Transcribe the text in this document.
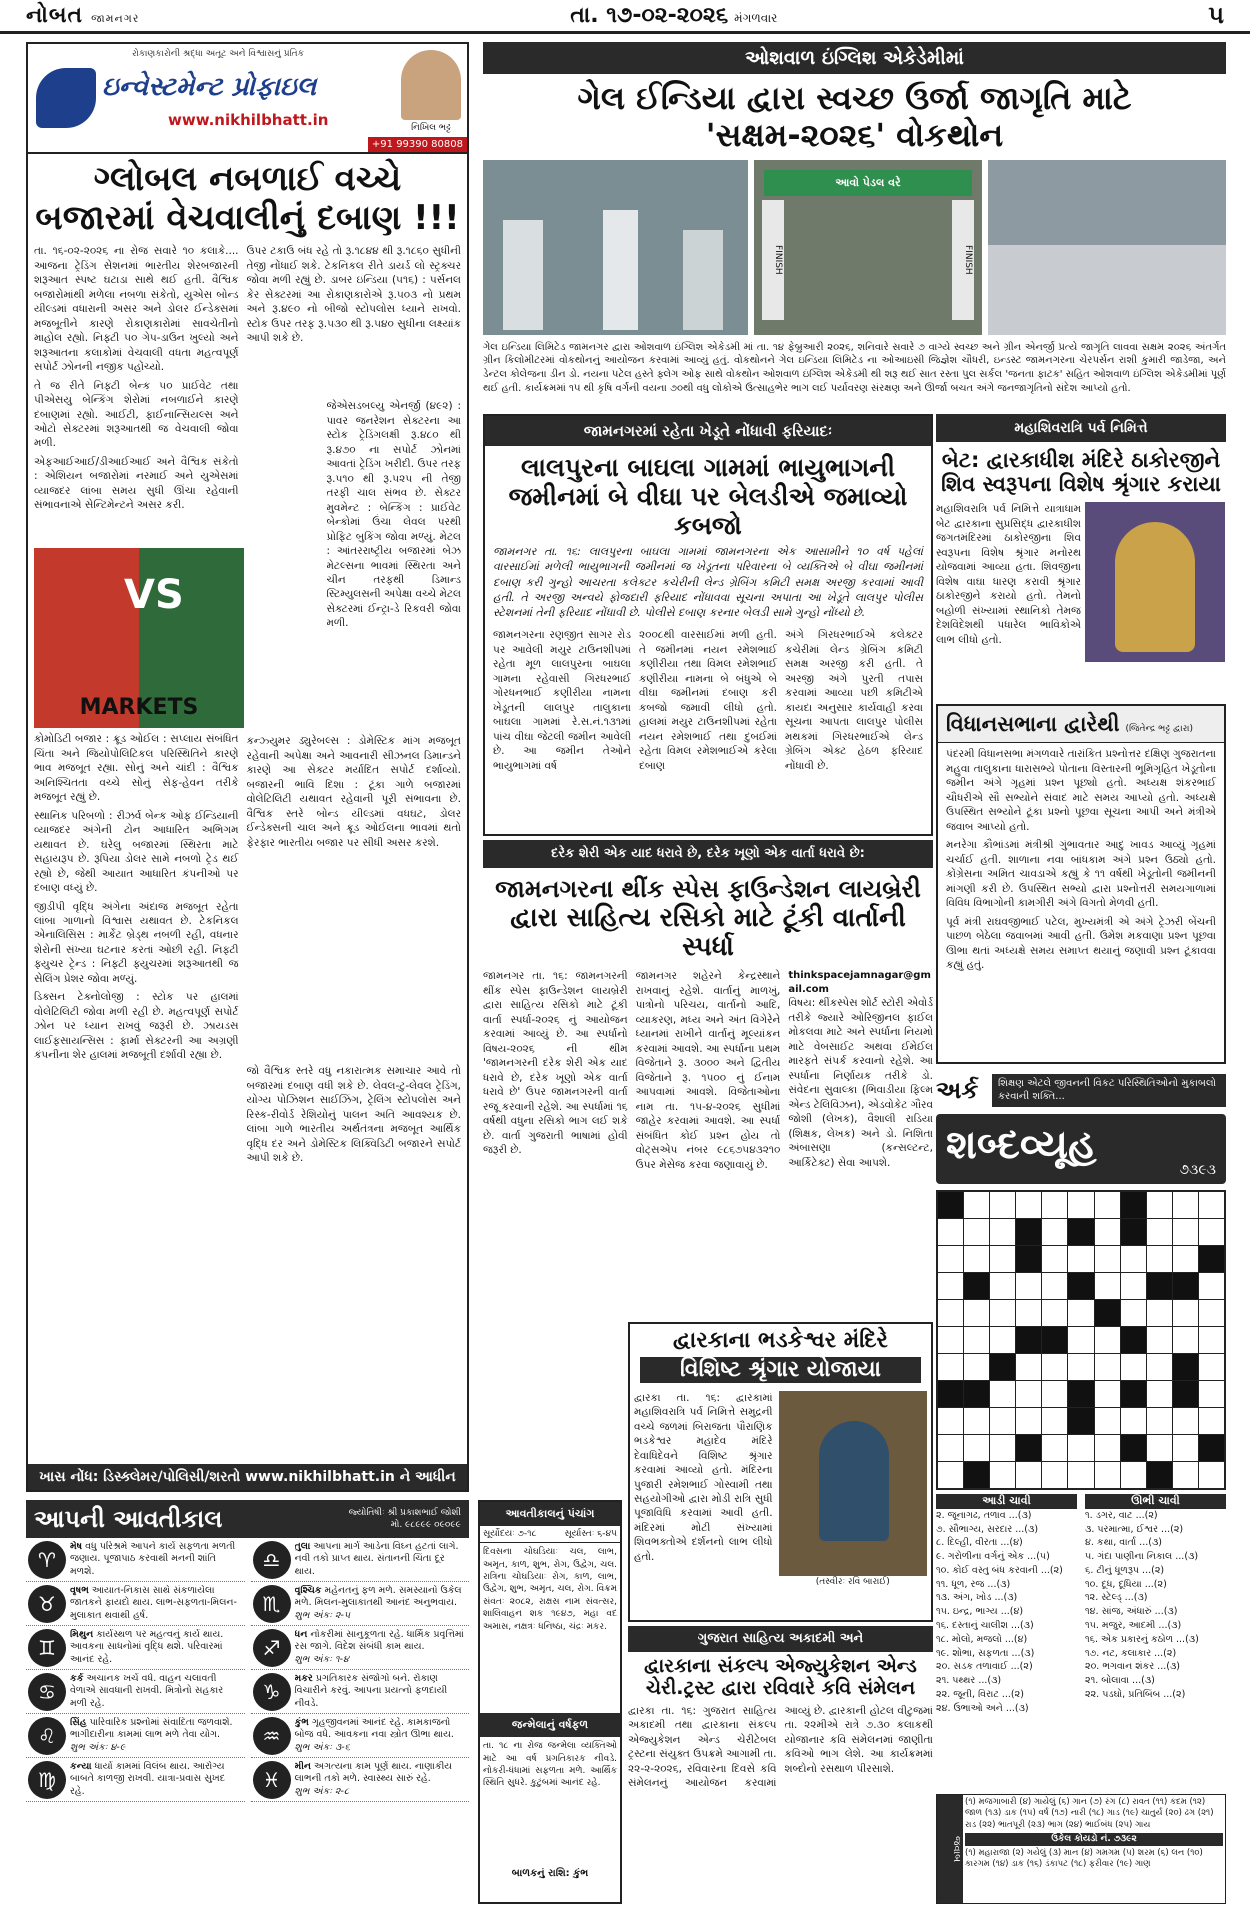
નોબત જામનગર	તા. ૧૭-૦૨-૨૦૨૬ મંગળવાર	૫
રોકાણકારોની શ્રદ્ધા અતૂટ અને વિશ્વાસનું પ્રતિક
ઇન્વેસ્ટમેન્ટ પ્રોફાઇલ
www.nikhilbhatt.in	નિખિલ ભટ્ટ
+91 99390 80808
ગ્લોબલ નબળાઈ વચ્ચે
બજારમાં વેચવાલીનું દબાણ !!!

તા. ૧૬-૦૨-૨૦૨૬ ના રોજ સવારે ૧૦ કલાકે.... આજના ટ્રેડિંગ સેશનમાં ભારતીય શેરબજારની શરૂઆત સ્પષ્ટ ઘટાડા સાથે થઈ હતી. વૈશ્વિક બજારોમાંથી મળેલા નબળા સંકેતો, યુએસ બોન્ડ યીલ્ડમાં વધારાની અસર અને ડોલર ઈન્ડેક્સમાં મજબૂતીને કારણે રોકાણકારોમાં સાવચેતીનો માહોલ રહ્યો. નિફ્ટી ૫૦ ગેપ-ડાઉન ખુલ્યો અને શરૂઆતના કલાકોમાં વેચવાલી વધતા મહત્વપૂર્ણ સપોર્ટ ઝોનની નજીક પહોંચ્યો.

તે જ રીતે નિફ્ટી બેન્ક ૫૦ પ્રાઈવેટ તથા પીએસયુ બેન્કિંગ શેરોમાં નબળાઈને કારણે દબાણમાં રહ્યો. આઈટી, ફાઈનાન્સિયલ્સ અને ઓટો સેક્ટરમાં શરૂઆતથી જ વેચવાલી જોવા મળી.

એફઆઈઆઈ/ડીઆઈઆઈ અને વૈશ્વિક સંકેતો : એશિયન બજારોમાં નરમાઈ અને યુએસમાં વ્યાજદર લાંબા સમય સુધી ઊંચા રહેવાની સંભાવનાએ સેન્ટિમેન્ટને અસર કરી.

VS
MARKETS

કોમોડિટી બજાર : ક્રૂડ ઓઈલ : સપ્લાય સંબંધિત ચિંતા અને જિયોપોલિટિકલ પરિસ્થિતિને કારણે ભાવ મજબૂત રહ્યા. સોનું અને ચાંદી : વૈશ્વિક અનિશ્ચિતતા વચ્ચે સોનું સેફ-હેવન તરીકે મજબૂત રહ્યું છે.

સ્થાનિક પરિબળો : રીઝર્વ બેન્ક ઓફ ઈન્ડિયાની વ્યાજદર અંગેની ટોન આધારિત અભિગમ યથાવત છે. ઘરેલુ બજારમાં સ્થિરતા માટે સહાયરૂપ છે. રૂપિયા ડોલર સામે નબળો ટ્રેડ થઈ રહ્યો છે, જેથી આયાત આધારિત કંપનીઓ પર દબાણ વધ્યું છે.

જીડીપી વૃદ્ધિ અંગેના અંદાજ મજબૂત રહેતા લાંબા ગાળાનો વિશ્વાસ યથાવત છે. ટેકનિકલ એનાલિસિસ : માર્કેટ બ્રેડ્થ નબળી રહી, વધનાર શેરોની સંખ્યા ઘટનાર કરતાં ઓછી રહી. નિફ્ટી ફ્યુચર ટ્રેન્ડ : નિફ્ટી ફ્યુચરમાં શરૂઆતથી જ સેલિંગ પ્રેશર જોવા મળ્યું.

ડિક્સન ટેક્નોલોજી : સ્ટોક પર હાલમાં વોલેટિલિટી જોવા મળી રહી છે. મહત્વપૂર્ણ સપોર્ટ ઝોન પર ધ્યાન રાખવું જરૂરી છે. ઝાયડસ લાઈફસાયન્સિસ : ફાર્મા સેક્ટરની આ અગ્રણી કંપનીના શેર હાલમાં મજબૂતી દર્શાવી રહ્યા છે.

ઉપર ટકાઉ બંધ રહે તો રૂ.૧૮૪૪ થી રૂ.૧૮૬૦ સુધીની તેજી નોંધાઈ શકે. ટેકનિકલ રીતે ડાયર્ડ લો સ્ટ્રક્ચર જોવા મળી રહ્યું છે. ડાબર ઇન્ડિયા (૫૧૬) : પર્સનલ કેર સેક્ટરમાં આ રોકાણકારોએ રૂ.૫૦૩ નો પ્રથમ અને રૂ.૪૯૦ નો બીજો સ્ટોપલોસ ધ્યાને રાખવો. સ્ટોક ઉપર તરફ રૂ.૫૩૦ થી રૂ.૫૪૦ સુધીના લક્ષ્યાંક આપી શકે છે.
જેએસડબલ્યુ એનર્જી (૪૯૨) : પાવર જનરેશન સેક્ટરના આ સ્ટોક ટ્રેડિંગલક્ષી રૂ.૪૮૦ થી રૂ.૪૭૦ ના સપોર્ટ ઝોનમાં આવતાં ટ્રેડિંગ ખરીદી. ઉપર તરફ રૂ.૫૧૦ થી રૂ.૫૨૫ ની તેજી તરફી ચાલ સંભવ છે. સેક્ટર મુવમેન્ટ : બેન્કિંગ : પ્રાઈવેટ બેન્કોમાં ઉંચા લેવલ પરથી પ્રોફિટ બુકિંગ જોવા મળ્યું. મેટલ : આંતરરાષ્ટ્રીય બજારમાં બેઝ મેટલ્સના ભાવમાં સ્થિરતા અને ચીન તરફથી ડિમાન્ડ સ્ટિમ્યુલસની અપેક્ષા વચ્ચે મેટલ સેક્ટરમાં ઈન્ટ્રા-ડે રિકવરી જોવા મળી.
કન્ઝ્યુમર ડ્યુરેબલ્સ : ડોમેસ્ટિક માંગ મજબૂત રહેવાની અપેક્ષા અને આવનારી સીઝનલ ડિમાન્ડને કારણે આ સેક્ટર મર્યાદિત સપોર્ટ દર્શાવ્યો. બજારની ભાવિ દિશા : ટૂંકા ગાળે બજારમાં વોલેટિલિટી યથાવત રહેવાની પૂરી સંભાવના છે. વૈશ્વિક સ્તરે બોન્ડ યીલ્ડમાં વધઘટ, ડોલર ઈન્ડેક્સની ચાલ અને ક્રૂડ ઓઈલના ભાવમાં થતો ફેરફાર ભારતીય બજાર પર સીધી અસર કરશે.
જો વૈશ્વિક સ્તરે વધુ નકારાત્મક સમાચાર આવે તો બજારમાં દબાણ વધી શકે છે. લેવલ-ટુ-લેવલ ટ્રેડિંગ, યોગ્ય પોઝિશન સાઈઝિંગ, ટ્રેલિંગ સ્ટોપલોસ અને રિસ્ક-રીવોર્ડ રેશિયોનું પાલન અતિ આવશ્યક છે. લાંબા ગાળે ભારતીય અર્થતંત્રના મજબૂત આર્થિક વૃદ્ધિ દર અને ડોમેસ્ટિક લિક્વિડિટી બજારને સપોર્ટ આપી શકે છે.
ખાસ નોંધ: ડિસ્ક્લેમર/પોલિસી/શરતો www.nikhilbhatt.in ને આધીન
ઓશવાળ ઇંગ્લિશ એકેડેમીમાં
ગેલ ઈન્ડિયા દ્વારા સ્વચ્છ ઉર્જા જાગૃતિ માટે 'સક્ષમ-૨૦૨૬' વોકથોન
આવો પેડલ વરે
FINISH	FINISH
ગેલ ઇન્ડિયા લિમિટેડ જામનગર દ્વારા ઓશવાળ ઇંગ્લિશ એકેડમી માં તા. ૧૪ ફેબ્રુઆરી ૨૦૨૬, શનિવારે સવારે ૭ વાગ્યે સ્વચ્છ અને ગ્રીન એનર્જી પ્રત્યે જાગૃતિ લાવવા સક્ષમ ૨૦૨૬ અંતર્ગત ગ્રીન કિલોમીટરમાં વોકથોનનું આયોજન કરવામાં આવ્યું હતું. વોકથોનને ગેલ ઇન્ડિયા લિમિટેડ ના ઓઆઇસી જિજ્ઞેશ ચૌધરી, ઇન્ડસ્ટ જામનગરના ચેરપર્સન રાશી કુમારી જાડેજા, અને ડેન્ટલ કોલેજના ડીન ડો. નયના પટેલ હસ્તે ફ્લેગ ઓફ સાથે વોકથોન ઓશવાળ ઇંગ્લિશ એકેડમી થી શરૂ થઈ સાત રસ્તા પુલ સર્કલ 'જનતા ફાટક' સહિત ઓશવાળ ઇંગ્લિશ એકેડમીમાં પૂર્ણ થઈ હતી. કાર્યક્રમમાં ૧૫ થી કૃષિ વર્ગની વયના ૭૦થી વધુ લોકોએ ઉત્સાહભેર ભાગ લઈ પર્યાવરણ સંરક્ષણ અને ઊર્જા બચત અંગે જનજાગૃતિનો સંદેશ આપ્યો હતો.
જામનગરમાં રહેતા ખેડૂતે નોંધાવી ફરિયાદઃ
લાલપુરના બાઘલા ગામમાં ભાયુભાગની
જમીનમાં બે વીઘા પર બેલડીએ જમાવ્યો કબજો
જામનગર તા. ૧૬: લાલપુરના બાઘલા ગામમાં જામનગરના એક આસામીને ૧૦ વર્ષ પહેલાં વારસાઈમાં મળેલી ભાયુભાગની જમીનમાં જ ખેડૂતના પરિવારના બે વ્યક્તિએ બે વીઘા જમીનમાં દબાણ કરી ગુન્હો આચરતા કલેક્ટર કચેરીની લેન્ડ ગ્રેબિંગ કમિટી સમક્ષ અરજી કરવામાં આવી હતી. તે અરજી અન્વયે ફોજદારી ફરિયાદ નોંધાવવા સૂચના અપાતા આ ખેડૂતે લાલપુર પોલીસ સ્ટેશનમાં તેની ફરિયાદ નોંધાવી છે. પોલીસે દબાણ કરનાર બેલડી સામે ગુન્હો નોંધ્યો છે.
જામનગરના રણજીત સાગર રોડ પર આવેલી મયુર ટાઉનશીપમાં રહેતા મૂળ લાલપુરના બાઘલા ગામના રહેવાસી ગિરધરભાઈ ગોરધનભાઈ કણીરીયા નામના ખેડૂતની લાલપુર તાલુકાના બાઘલા ગામમાં રે.સ.નં.૧૩૧માં પાંચ વીઘા જેટલી જમીન આવેલી છે. આ જમીન તેઓને ભાયુભાગમાં વર્ષ
૨૦૦૮થી વારસાઈમાં મળી હતી. તે જમીનમાં નયન રમેશભાઈ કણીરીયા તથા વિમલ રમેશભાઈ કણીરીયા નામના બે બંધુએ બે વીઘા જમીનમાં દબાણ કરી કબજો જમાવી લીધો હતો. હાલમાં મયુર ટાઉનશીપમાં રહેતા નયન રમેશભાઈ તથા દુબઈમાં રહેતા વિમલ રમેશભાઈએ કરેલા દબાણ
અંગે ગિરધરભાઈએ કલેક્ટર કચેરીમાં લેન્ડ ગ્રેબિંગ કમિટી સમક્ષ અરજી કરી હતી. તે અરજી અંગે પુરતી તપાસ કરવામાં આવ્યા પછી કમિટીએ કાયદા અનુસાર કાર્યવાહી કરવા સૂચના આપતા લાલપુર પોલીસ મથકમાં ગિરધરભાઈએ લેન્ડ ગ્રેબિંગ એક્ટ હેઠળ ફરિયાદ નોંધાવી છે.
મહાશિવરાત્રિ પર્વ નિમિત્તે
બેટ: દ્વારકાધીશ મંદિરે ઠાકોરજીને શિવ સ્વરૂપના વિશેષ શ્રૃંગાર કરાયા
મહાશિવરાત્રિ પર્વ નિમિત્તે યાત્રાધામ બેટ દ્વારકાના સુપ્રસિદ્ધ દ્વારકાધીશ જગતમંદિરમાં ઠાકોરજીના શિવ સ્વરૂપના વિશેષ શ્રૃંગાર મનોરથ યોજવામાં આવ્યા હતા. શિવજીના વિશેષ વાઘા ધારણ કરાવી શ્રૃંગાર ઠાકોરજીને કરાયો હતો. તેમનો બહોળી સંખ્યામાં સ્થાનિકો તેમજ દેશવિદેશથી પધારેલ ભાવિકોએ લાભ લીધો હતો.
વિધાનસભાના દ્વારેથી (જિતેન્દ્ર ભટ્ટ દ્વારા)

પંદરમી વિધાનસભા મંગળવારે તારાંકિત પ્રશ્નોત્તર દક્ષિણ ગુજરાતના મહુવા તાલુકાના ધારાસભ્યે પોતાના વિસ્તારની ભૂમિગૃહિત ખેડૂતોના જમીન અંગે ગૃહમાં પ્રશ્ન પૂછ્યો હતો. અધ્યક્ષ શંકરભાઈ ચૌધરીએ સૌ સભ્યોને સંવાદ માટે સમય આપ્યો હતો. અધ્યક્ષે ઉપસ્થિત સભ્યોને ટૂંકા પ્રશ્નો પૂછવા સૂચના આપી અને મંત્રીએ જવાબ આપ્યો હતો.

મનરેગા કૌભાંડમાં મંત્રીશ્રી ગુંભાવતાર આદુ ખાવડ આવ્યું ગૃહમાં ચર્ચાઈ હતી. શાળાના નવા બાંધકામ અંગે પ્રશ્ન ઉઠ્યો હતો. કોંગ્રેસના અમિત ચાવડાએ કહ્યું કે ૧૧ વર્ષથી ખેડૂતોની જમીનની માંગણી કરી છે. ઉપસ્થિત સભ્યો દ્વારા પ્રશ્નોત્તરી સમયગાળામાં વિવિધ વિભાગોની કામગીરી અંગે વિગતો મેળવી હતી.

પૂર્વ મંત્રી રાઘવજીભાઈ પટેલ, મુખ્યમંત્રી એ અંગે ટ્રેઝરી બેંચની પાછળ બેઠેલા જવાબમાં આવી હતી. ઉમેશ મકવાણા પ્રશ્ન પૂછવા ઊભા થતાં અધ્યક્ષે સમય સમાપ્ત થયાનું જણાવી પ્રશ્ન ટૂંકાવવા કહ્યું હતું.

અર્ક	શિક્ષણ એટલે જીવનની વિકટ પરિસ્થિતિઓનો મુકાબલો કરવાની શક્તિ...
દરેક શેરી એક યાદ ધરાવે છે, દરેક ખૂણો એક વાર્તા ધરાવે છે:
જામનગરના થીંક સ્પેસ ફાઉન્ડેશન લાયબ્રેરી
દ્વારા સાહિત્ય રસિકો માટે ટૂંકી વાર્તાની સ્પર્ધા
જામનગર તા. ૧૬: જામનગરની થીંક સ્પેસ ફાઉન્ડેશન લાયબ્રેરી દ્વારા સાહિત્ય રસિકો માટે ટૂંકી વાર્તા સ્પર્ધા-૨૦૨૬ નું આયોજન કરવામાં આવ્યું છે. આ સ્પર્ધાનો વિષય-૨૦૨૬ ની થીમ 'જામનગરની દરેક શેરી એક યાદ ધરાવે છે, દરેક ખૂણો એક વાર્તા ધરાવે છે' ઉપર જામનગરની વાર્તા રજૂ કરવાની રહેશે. આ સ્પર્ધામાં ૧૬ વર્ષથી વધુના રસિકો ભાગ લઈ શકે છે. વાર્તા ગુજરાતી ભાષામાં હોવી જરૂરી છે.
જામનગર શહેરને કેન્દ્રસ્થાને રાખવાનું રહેશે. વાર્તાનું માળખું, પાત્રોનો પરિચય, વાર્તાનો આદિ, વ્યાકરણ, મધ્ય અને અંત વિગેરેને ધ્યાનમાં રાખીને વાર્તાનું મૂલ્યાંકન કરવામાં આવશે. આ સ્પર્ધાના પ્રથમ વિજેતાને રૂ. ૩૦૦૦ અને દ્વિતીય વિજેતાને રૂ. ૧૫૦૦ નું ઈનામ આપવામાં આવશે. વિજેતાઓના નામ તા. ૧૫-૪-૨૦૨૬ સુધીમાં જાહેર કરવામાં આવશે. આ સ્પર્ધા સંબંધિત કોઈ પ્રશ્ન હોય તો વોટ્સએપ નંબર ૯૮૬૭૫૪૩૨૧૦ ઉપર મેસેજ કરવા જણાવાયું છે.
thinkspacejamnagar@gmail.com
વિષય: થીંકસ્પેસ શોર્ટ સ્ટોરી એવોર્ડ તરીકે જ્યારે ઓરિજીનલ ફાઈલ મોકલવા માટે અને સ્પર્ધાના નિયમો માટે વેબસાઈટ અથવા ઈમેઈલ મારફતે સંપર્ક કરવાનો રહેશે. આ સ્પર્ધાના નિર્ણાયક તરીકે ડો. સંવેદના સુવાલ્કા (ભિવાડીયા ફિલ્મ એન્ડ ટેલિવિઝન), એડવોકેટ ગૌરવ જોશી (લેખક), વૈશાલી રાડિયા (શિક્ષક, લેખક) અને ડો. નિશિતા અંબાસણા (કન્સલ્ટન્ટ, આર્કિટેક્ટ) સેવા આપશે.
દ્વારકાના ભડકેશ્વર મંદિરે
વિશિષ્ટ શ્રૃંગાર યોજાયા
દ્વારકા તા. ૧૬: દ્વારકામાં મહાશિવરાત્રિ પર્વ નિમિત્તે સમુદ્રની વચ્ચે જળમાં બિરાજતા પૌરાણિક ભડકેશ્વર મહાદેવ મંદિરે દેવાધિદેવને વિશિષ્ટ શ્રૃંગાર કરવામાં આવ્યો હતો. મંદિરના પુજારી રમેશભાઈ ગોસ્વામી તથા સહયોગીઓ દ્વારા મોડી રાત્રિ સુધી પૂજાવિધિ કરવામાં આવી હતી. મંદિરમાં મોટી સંખ્યામાં શિવભક્તોએ દર્શનનો લાભ લીધો હતો.
(તસ્વીરઃ રવિ બારાઈ)
ગુજરાત સાહિત્ય અકાદમી અને
દ્વારકાના સંકલ્પ એજ્યુકેશન એન્ડ
ચેરી.ટ્રસ્ટ દ્વારા રવિવારે કવિ સંમેલન
દ્વારકા તા. ૧૬: ગુજરાત સાહિત્ય અકાદમી તથા દ્વારકાના સંકલ્પ એજ્યુકેશન એન્ડ ચેરીટેબલ ટ્રસ્ટના સંયુક્ત ઉપક્રમે આગામી તા. ૨૨-૨-૨૦૨૬, રવિવારના દિવસે કવિ સંમેલનનું આયોજન કરવામાં આવ્યું છે. દ્વારકાની હોટલ વીટુજમાં તા. ૨૨મીએ રાત્રે ૭.૩૦ કલાકથી યોજાનાર કવિ સંમેલનમાં જાણીતા કવિઓ ભાગ લેશે. આ કાર્યક્રમમાં શબ્દોનો રસથાળ પીરસાશે.
આપની આવતીકાલ	જ્યોતિષીઃ શ્રી પ્રકાશભાઈ જોશી
મો. ૯૮૯૯૯ ૦૯૦૯૯
♈
મેષ વધુ પરિશ્રમે આપને કાર્ય સફળતા મળતી જણાય. પૂજાપાઠ કરવાથી મનની શાંતિ મળશે.

♉
વૃષભ આયાત-નિકાસ સાથે સંકળાયેલા જાતકને ફાયદો થાય. લાભ-સફળતા-મિલન-મુલાકાત થવાથી હર્ષ.

♊
મિથુન કાર્યસ્થળ પર મહત્વનું કાર્ય થાય. આવકના સાધનોમાં વૃદ્ધિ થશે. પરિવારમાં આનંદ રહે.

♋
કર્ક અચાનક ખર્ચ વધે. વાહન ચલાવતી વેળાએ સાવધાની રાખવી. મિત્રોનો સહકાર મળી રહે.

♌
સિંહ પારિવારિક પ્રશ્નોમાં સંવાદિતા જળવાશે. ભાગીદારીના કામમાં લાભ મળે તેવા યોગ.
શુભ અંકઃ ૪-૯
♍
કન્યા ધાર્યા કામમાં વિલંબ થાય. આરોગ્ય બાબતે કાળજી રાખવી. યાત્રા-પ્રવાસ સુખદ રહે.

♎
તુલા આપના માર્ગ આડેના વિઘ્ન હટતાં લાગે. નવી તકો પ્રાપ્ત થાય. સંતાનની ચિંતા દૂર થાય.

♏
વૃશ્ચિક મહેનતનું ફળ મળે. સમસ્યાનો ઉકેલ મળે. મિલન-મુલાકાતથી આનંદ અનુભવાય.
શુભ અંકઃ ૨-૫
♐
ધન નોકરીમાં સાનુકૂળતા રહે. ધાર્મિક પ્રવૃત્તિમાં રસ જાગે. વિદેશ સંબંધી કામ થાય.
શુભ અંકઃ ૧-૪
♑
મકર પ્રગતિકારક સંજોગો બને. રોકાણ વિચારીને કરવું. આપના પ્રયત્નો ફળદાયી નીવડે.

♒
કુંભ ગૃહજીવનમાં આનંદ રહે. કામકાજનો બોજ વધે. આવકના નવા સ્ત્રોત ઊભા થાય.
શુભ અંકઃ ૩-૬
♓
મીન અગત્યના કામ પૂર્ણ થાય. નાણાકીય લાભની તકો મળે. સ્વાસ્થ્ય સારું રહે.
શુભ અંકઃ ૨-૮
આવતીકાલનું પંચાંગ
સૂર્યોદયઃ ૭-૧૮	સૂર્યાસ્તઃ ૬-૪૫
દિવસના ચોઘડિયાઃ ચલ, લાભ, અમૃત, કાળ, શુભ, રોગ, ઉદ્વેગ, ચલ. રાત્રિના ચોઘડિયાઃ રોગ, કાળ, લાભ, ઉદ્વેગ, શુભ, અમૃત, ચલ, રોગ. વિક્રમ સંવતઃ ૨૦૮૨, રાક્ષસ નામ સંવત્સર, શાલિવાહન શક ૧૯૪૭, મહા વદ અમાસ, નક્ષત્રઃ ધનિષ્ઠા, ચંદ્રઃ મકર.
જન્મેલાનું વર્ષફળ
તા. ૧૮ ના રોજ જન્મેલા વ્યક્તિઓ માટે આ વર્ષ પ્રગતિકારક નીવડે. નોકરી-ધંધામાં સફળતા મળે. આર્થિક સ્થિતિ સુધરે. કુટુંબમાં આનંદ રહે.
બાળકનું રાશિ: કુંભ
શબ્દવ્યૂહ
૭૩૯૩
આડી ચાવી
૨. જૂનાગઢ, તળાવ ...(૩)
૭. સૌભાગ્ય, સરદાર ...(૩)
૮. દિલ્હી, વીરતા ...(૪)
૯. ગરોળીના વર્ગનું એક ...(૫)
૧૦. કોઈ વસ્તુ બંધ કરવાની ...(૨)
૧૧. ધૂળ, રજ ...(૩)
૧૩. અંગ, ખોડ ...(૩)
૧૫. ઇન્દ્ર, ભાગ્ય ...(૪)
૧૬. દસ્તાનું ચાલીશ ...(૩)
૧૮. મોલો, મજલો ...(૪)
૧૯. શોભા, સફળતા ...(૩)
૨૦. સડક તળાવાઈ ...(૨)
૨૧. પથ્થર ...(૩)
૨૨. જૂની, વિરાટ ...(૨)
૨૪. ઉભાઓ અને ...(૩)
ઊભી ચાવી
૧. ડગર, વાટ ...(૨)
૩. પરમાત્મા, ઈશ્વર ...(૨)
૪. કથા, વાર્તા ...(૩)
૫. ગંદા પાણીના નિકાલ ...(૩)
૬. ટીનું ધૂળરૂપ ...(૨)
૧૦. દૂધ, દૂધિયા ...(૨)
૧૨. સ્ટેલ્ડ્ ...(૩)
૧૪. સાંજ, અંધારું ...(૩)
૧૫. મજુર, આદમી ...(૩)
૧૬. એક પ્રકારનું કઠોળ ...(૩)
૧૭. નટ, કલાકાર ...(૨)
૨૦. ભગવાન શંકર ...(૩)
૨૧. બોલાવા ...(૩)
૨૨. પડઘો, પ્રતિબિંબ ...(૨)
જવાબ
(૧) મજગાબારી (૪) ગાયેલું (૬) ગાન (૭) રંગ (૮) રાવત (૧૧) કદમ (૧૨) જાળ (૧૩) ડાક (૧૫) વર્ષ (૧૭) નારી (૧૮) ગાડ (૧૯) ચાતુર્ય (૨૦) ઢગ (૨૧) રાડ (૨૨) ભાતપૂરી (૨૩) ભાગ (૨૪) ભાઈબંધ (૨૫) ગાય
ઉકેલ કોયડો નં. ૭૩૯૨
(૧) મહારાજા (૨) ગયેલું (૩) માન (૪) ગમગમ (૫) શરમ (૬) લન (૧૦) કારગમ (૧૪) ડાક (૧૬) ડંકાપટ (૧૮) ફરીવાર (૧૯) ગાણ
